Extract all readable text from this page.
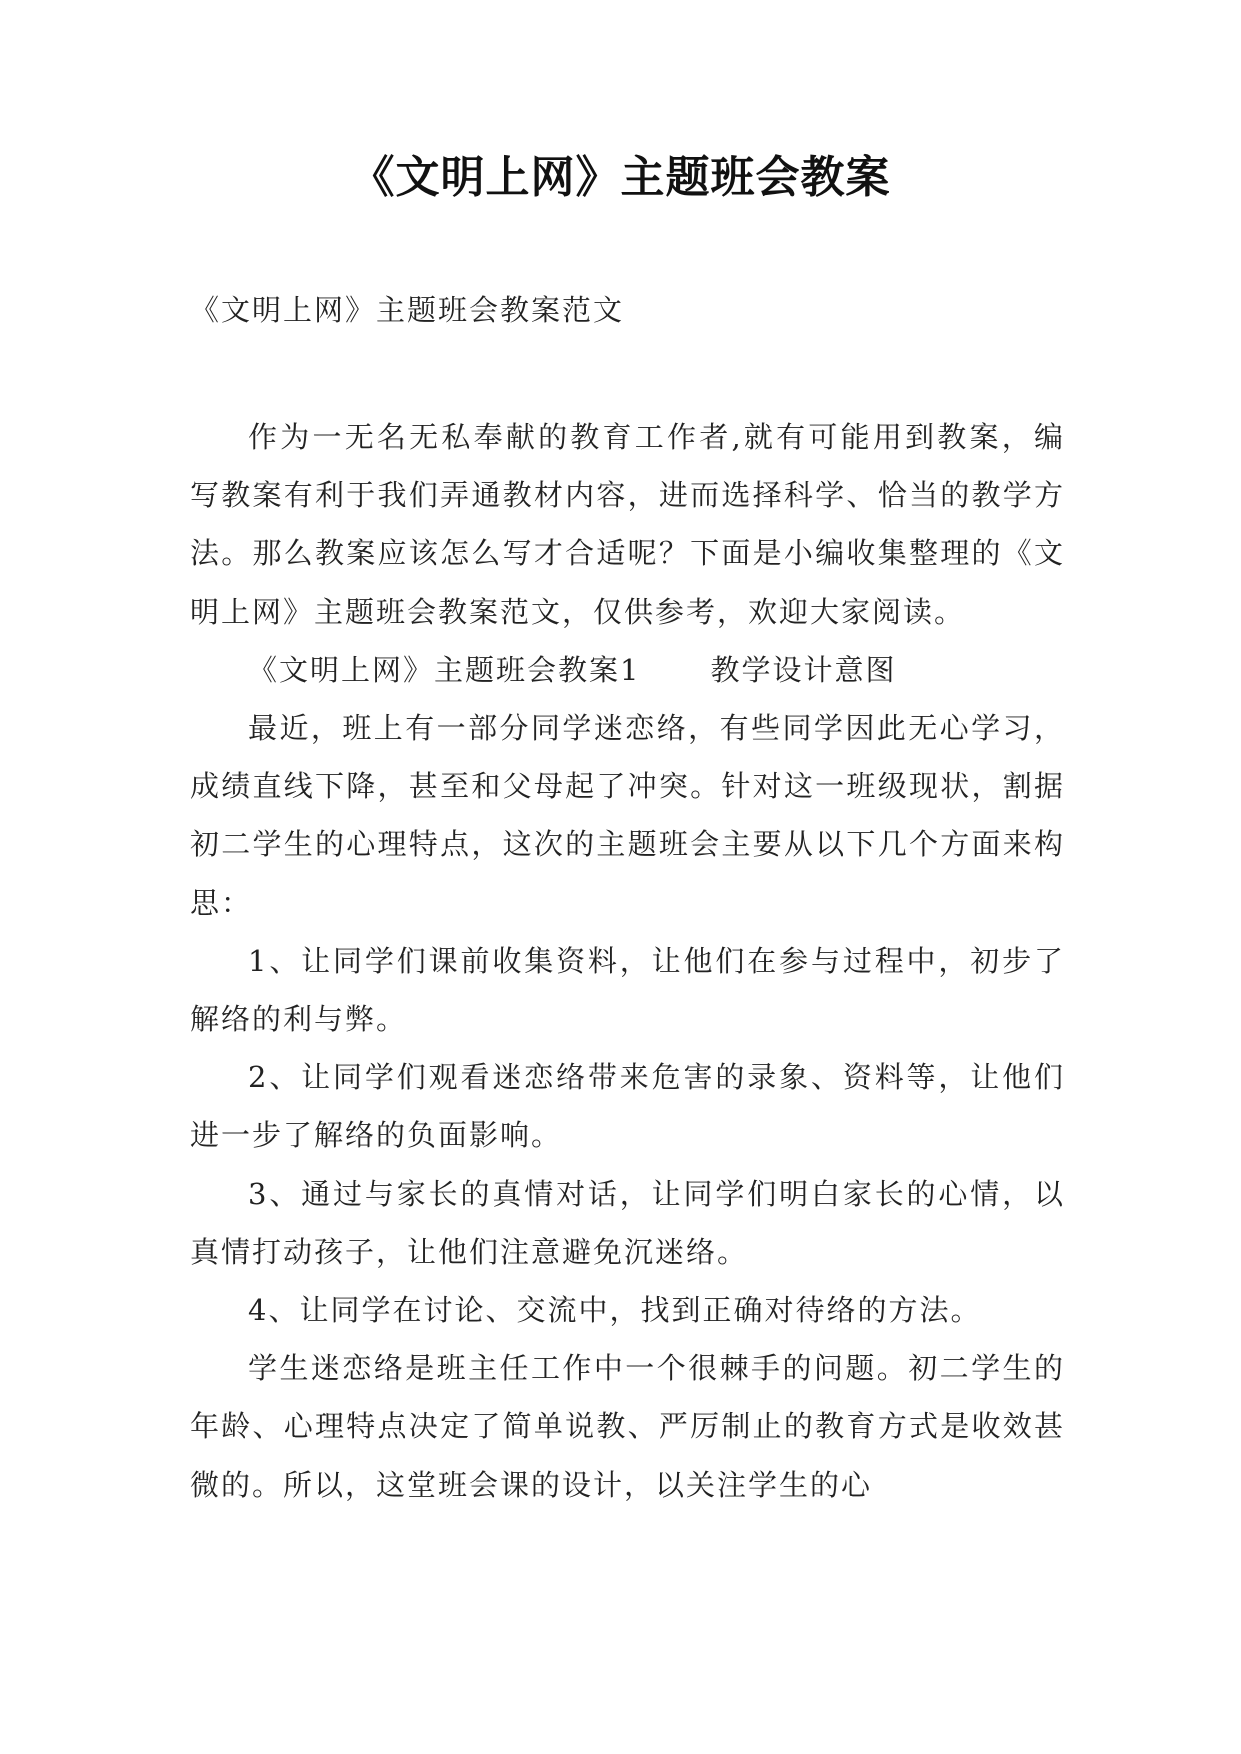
《文明上网》主题班会教案
《文明上网》主题班会教案范文

作为一无名无私奉献的教育工作者,就有可能用到教案，编写教案有利于我们弄通教材内容，进而选择科学、恰当的教学方法。那么教案应该怎么写才合适呢？下面是小编收集整理的《文明上网》主题班会教案范文，仅供参考，欢迎大家阅读。

《文明上网》主题班会教案1 教学设计意图

最近，班上有一部分同学迷恋络，有些同学因此无心学习，成绩直线下降，甚至和父母起了冲突。针对这一班级现状，割据初二学生的心理特点，这次的主题班会主要从以下几个方面来构思：

1、让同学们课前收集资料，让他们在参与过程中，初步了解络的利与弊。

2、让同学们观看迷恋络带来危害的录象、资料等，让他们进一步了解络的负面影响。

3、通过与家长的真情对话，让同学们明白家长的心情，以真情打动孩子，让他们注意避免沉迷络。

4、让同学在讨论、交流中，找到正确对待络的方法。

学生迷恋络是班主任工作中一个很棘手的问题。初二学生的年龄、心理特点决定了简单说教、严厉制止的教育方式是收效甚微的。所以，这堂班会课的设计，以关注学生的心
